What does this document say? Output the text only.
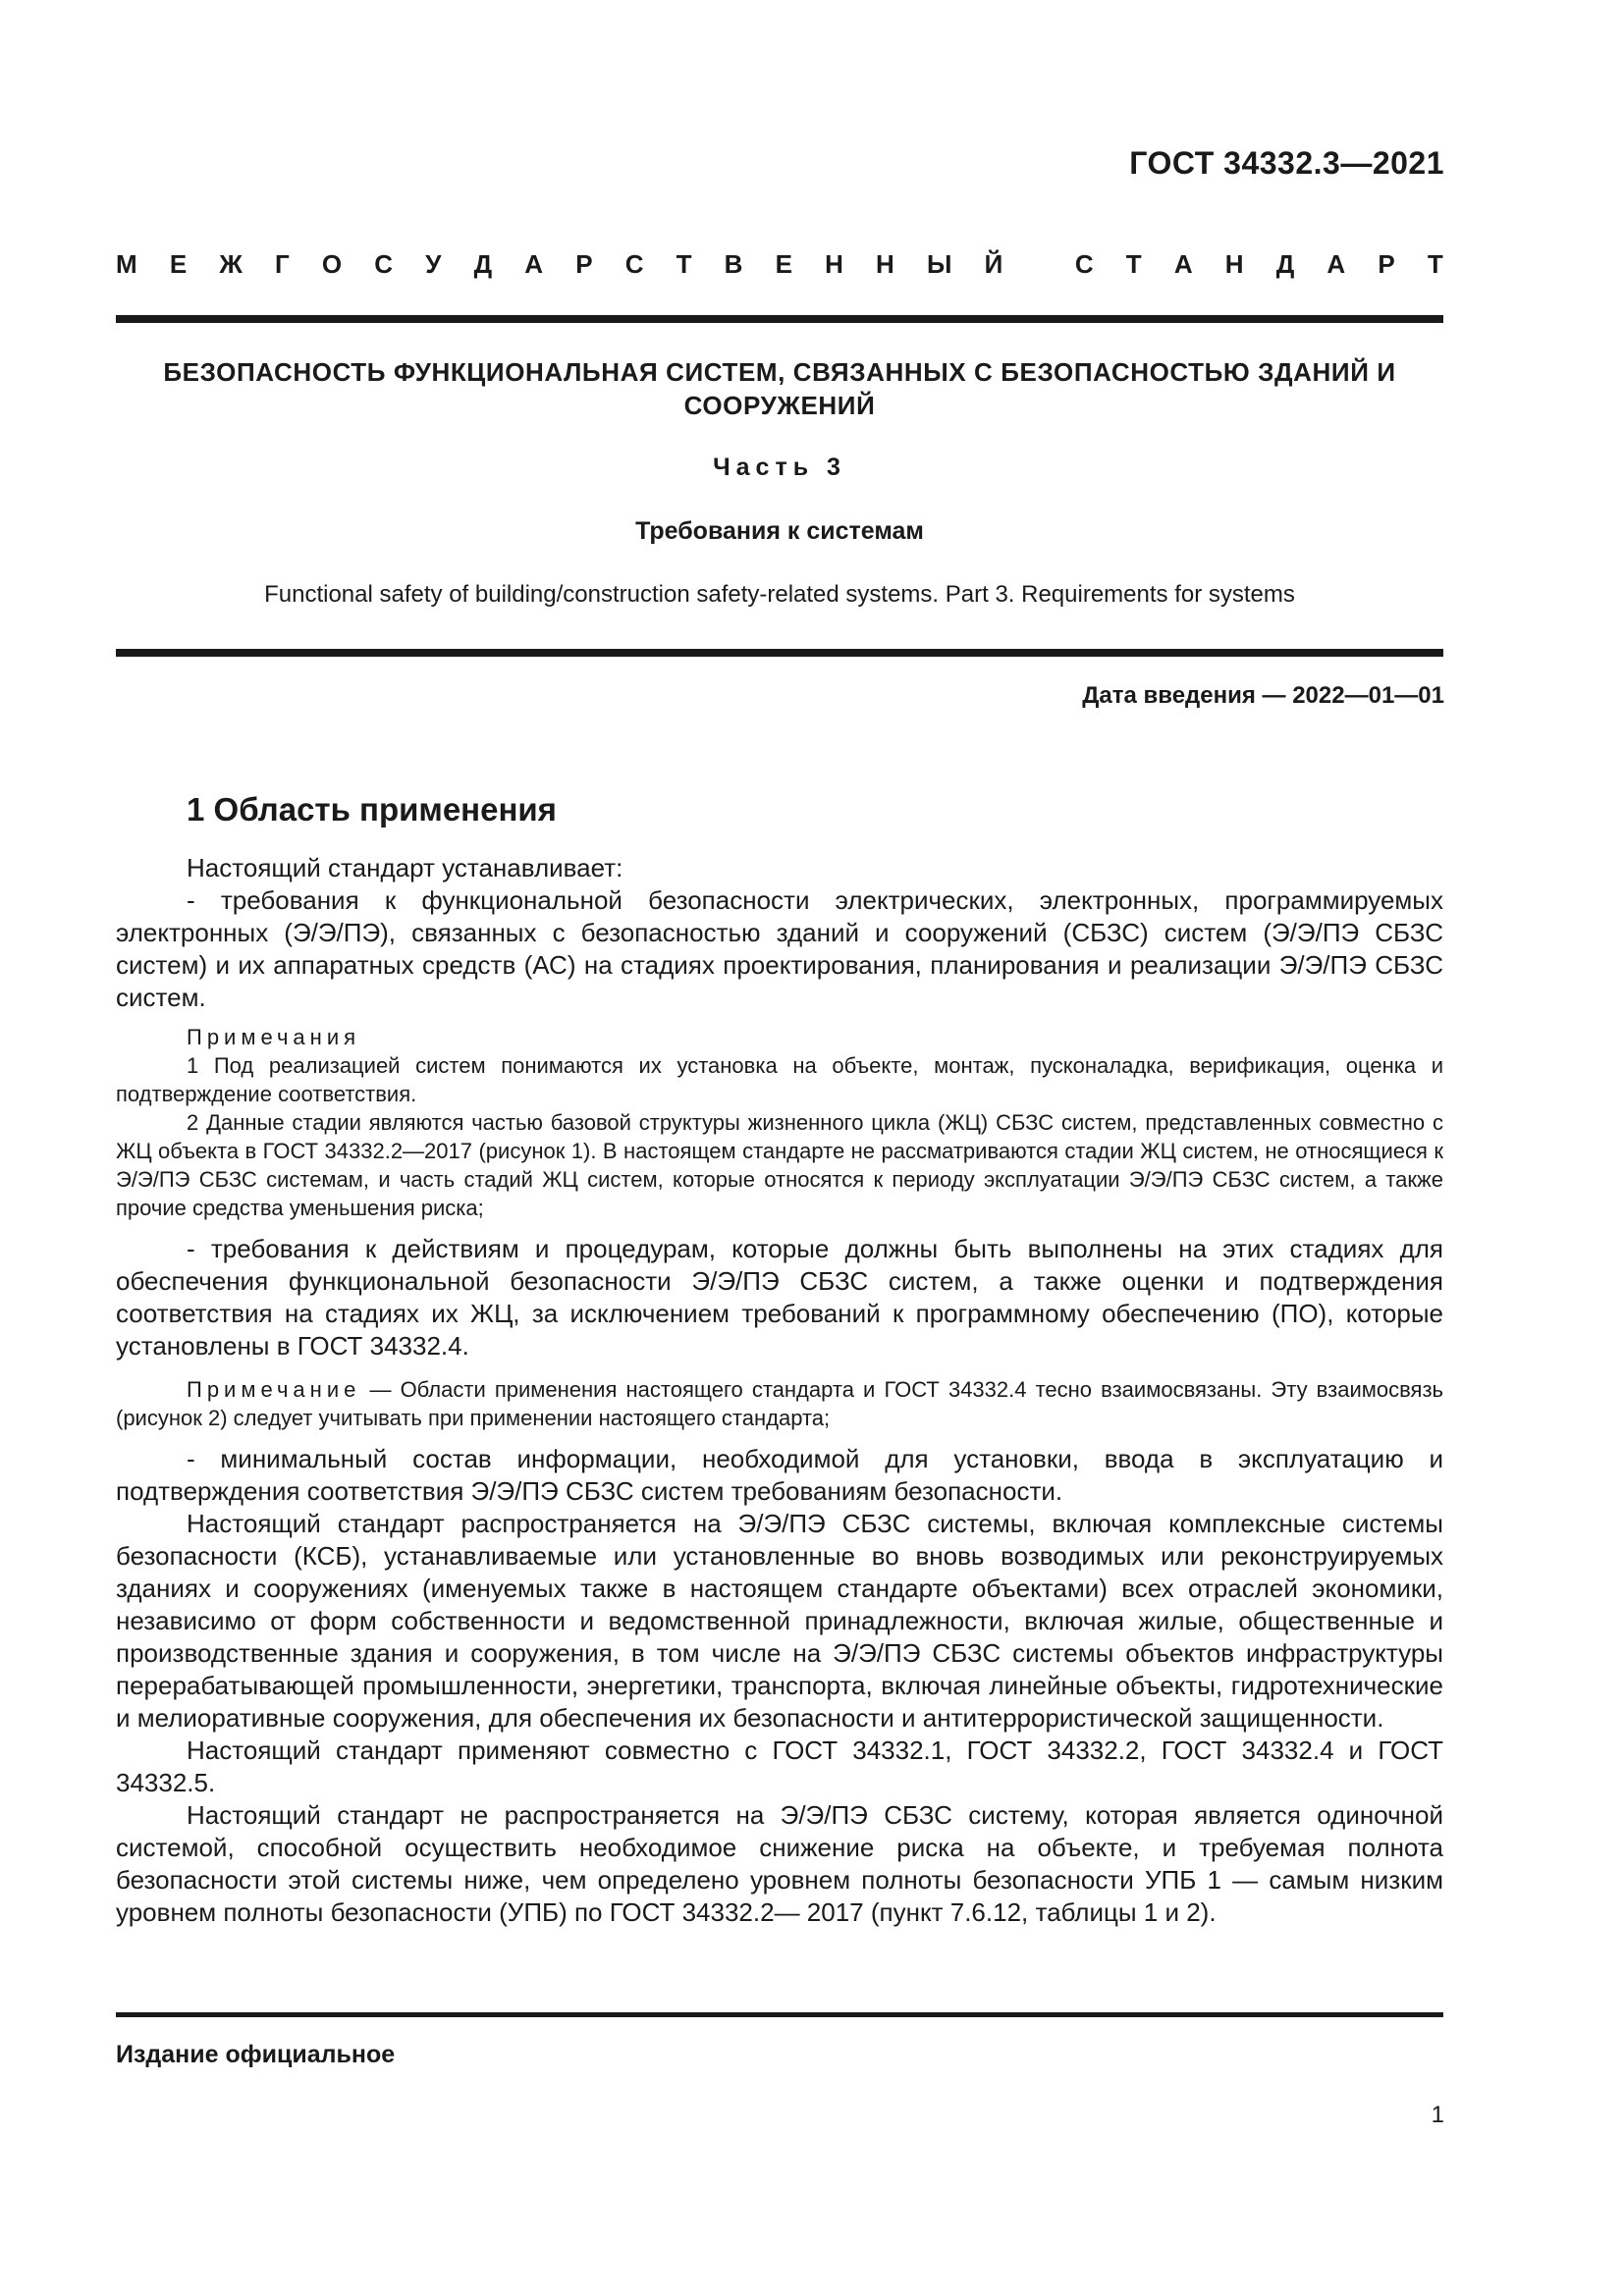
ГОСТ 34332.3—2021
М Е Ж Г О С У Д А Р С Т В Е Н Н Ы Й
	С Т А Н Д А Р Т
БЕЗОПАСНОСТЬ ФУНКЦИОНАЛЬНАЯ СИСТЕМ, СВЯЗАННЫХ С БЕЗОПАСНОСТЬЮ ЗДАНИЙ И СООРУЖЕНИЙ
Часть 3
Требования к системам
Functional safety of building/construction safety-related systems. Part 3. Requirements for systems
Дата введения — 2022—01—01
1 Область применения

Настоящий стандарт устанавливает:

- требования к функциональной безопасности электрических, электронных, программируемых электронных (Э/Э/ПЭ), связанных с безопасностью зданий и сооружений (СБЗС) систем (Э/Э/ПЭ СБЗС систем) и их аппаратных средств (АС) на стадиях проектирования, планирования и реализации Э/Э/ПЭ СБЗС систем.

Примечания

1 Под реализацией систем понимаются их установка на объекте, монтаж, пусконаладка, верификация, оценка и подтверждение соответствия.

2 Данные стадии являются частью базовой структуры жизненного цикла (ЖЦ) СБЗС систем, представленных совместно с ЖЦ объекта в ГОСТ 34332.2—2017 (рисунок 1). В настоящем стандарте не рассматриваются стадии ЖЦ систем, не относящиеся к Э/Э/ПЭ СБЗС системам, и часть стадий ЖЦ систем, которые относятся к периоду эксплуатации Э/Э/ПЭ СБЗС систем, а также прочие средства уменьшения риска;

- требования к действиям и процедурам, которые должны быть выполнены на этих стадиях для обеспечения функциональной безопасности Э/Э/ПЭ СБЗС систем, а также оценки и подтверждения соответствия на стадиях их ЖЦ, за исключением требований к программному обеспечению (ПО), которые установлены в ГОСТ 34332.4.

Примечание — Области применения настоящего стандарта и ГОСТ 34332.4 тесно взаимосвязаны. Эту взаимосвязь (рисунок 2) следует учитывать при применении настоящего стандарта;

- минимальный состав информации, необходимой для установки, ввода в эксплуатацию и подтверждения соответствия Э/Э/ПЭ СБЗС систем требованиям безопасности.

Настоящий стандарт распространяется на Э/Э/ПЭ СБЗС системы, включая комплексные системы безопасности (КСБ), устанавливаемые или установленные во вновь возводимых или реконструируемых зданиях и сооружениях (именуемых также в настоящем стандарте объектами) всех отраслей экономики, независимо от форм собственности и ведомственной принадлежности, включая жилые, общественные и производственные здания и сооружения, в том числе на Э/Э/ПЭ СБЗС системы объектов инфраструктуры перерабатывающей промышленности, энергетики, транспорта, включая линейные объекты, гидротехнические и мелиоративные сооружения, для обеспечения их безопасности и антитеррористической защищенности.

Настоящий стандарт применяют совместно с ГОСТ 34332.1, ГОСТ 34332.2, ГОСТ 34332.4 и ГОСТ 34332.5.

Настоящий стандарт не распространяется на Э/Э/ПЭ СБЗС систему, которая является одиночной системой, способной осуществить необходимое снижение риска на объекте, и требуемая полнота безопасности этой системы ниже, чем определено уровнем полноты безопасности УПБ 1 — самым низким уровнем полноты безопасности (УПБ) по ГОСТ 34332.2— 2017 (пункт 7.6.12, таблицы 1 и 2).

Издание официальное
1
